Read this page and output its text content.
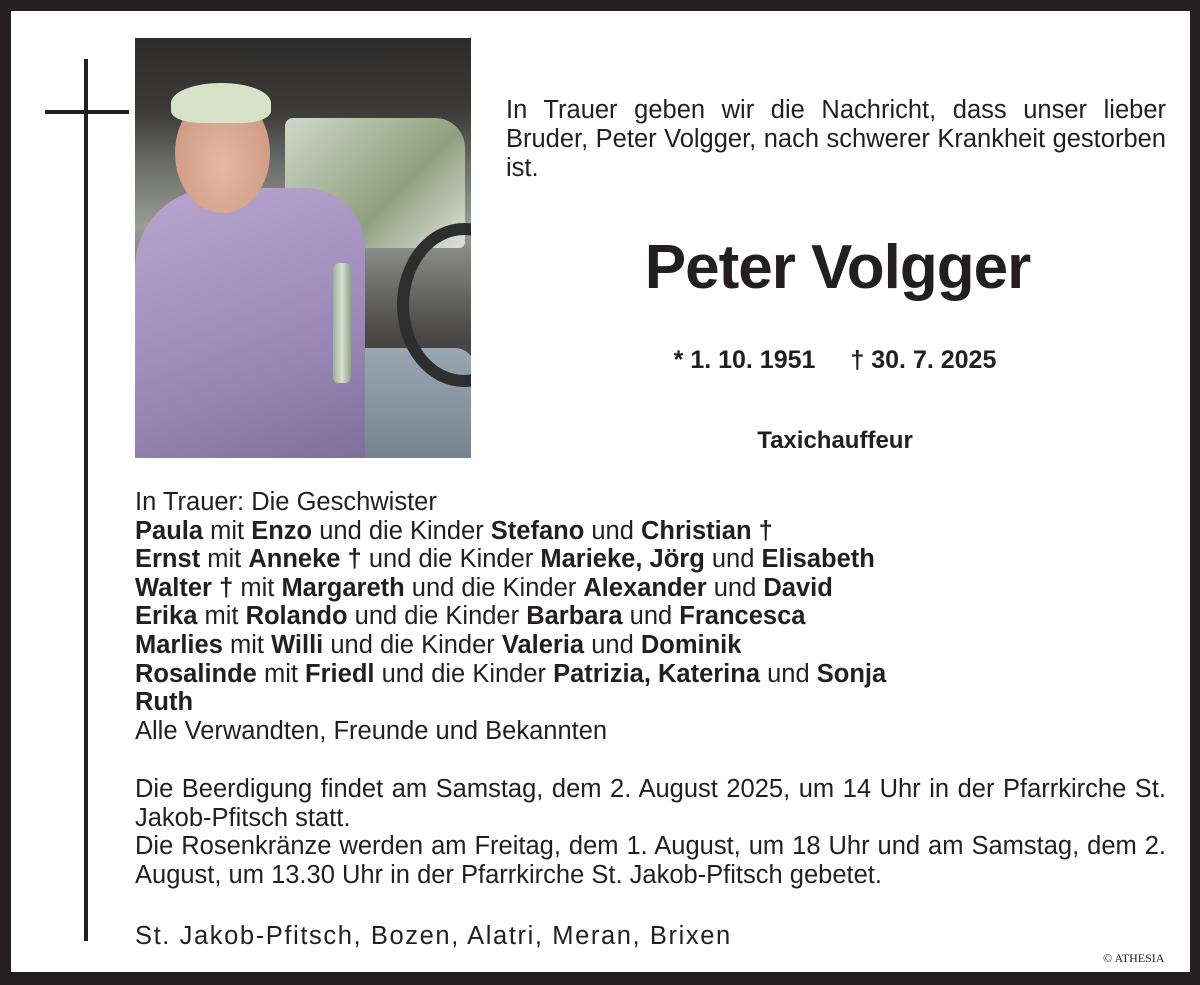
In Trauer geben wir die Nachricht, dass unser lieber Bruder, Peter Volgger, nach schwerer Krankheit gestorben ist.
Peter Volgger
* 1. 10. 1951 † 30. 7. 2025
Taxichauffeur
In Trauer: Die Geschwister
Paula mit Enzo und die Kinder Stefano und Christian †
Ernst mit Anneke † und die Kinder Marieke, Jörg und Elisabeth
Walter † mit Margareth und die Kinder Alexander und David
Erika mit Rolando und die Kinder Barbara und Francesca
Marlies mit Willi und die Kinder Valeria und Dominik
Rosalinde mit Friedl und die Kinder Patrizia, Katerina und Sonja
Ruth
Alle Verwandten, Freunde und Bekannten

Die Beerdigung findet am Samstag, dem 2. August 2025, um 14 Uhr in der Pfarrkirche St. Jakob-Pfitsch statt.

Die Rosenkränze werden am Freitag, dem 1. August, um 18 Uhr und am Samstag, dem 2. August, um 13.30 Uhr in der Pfarrkirche St. Jakob-Pfitsch gebetet.

St. Jakob-Pfitsch, Bozen, Alatri, Meran, Brixen
© ATHESIA
